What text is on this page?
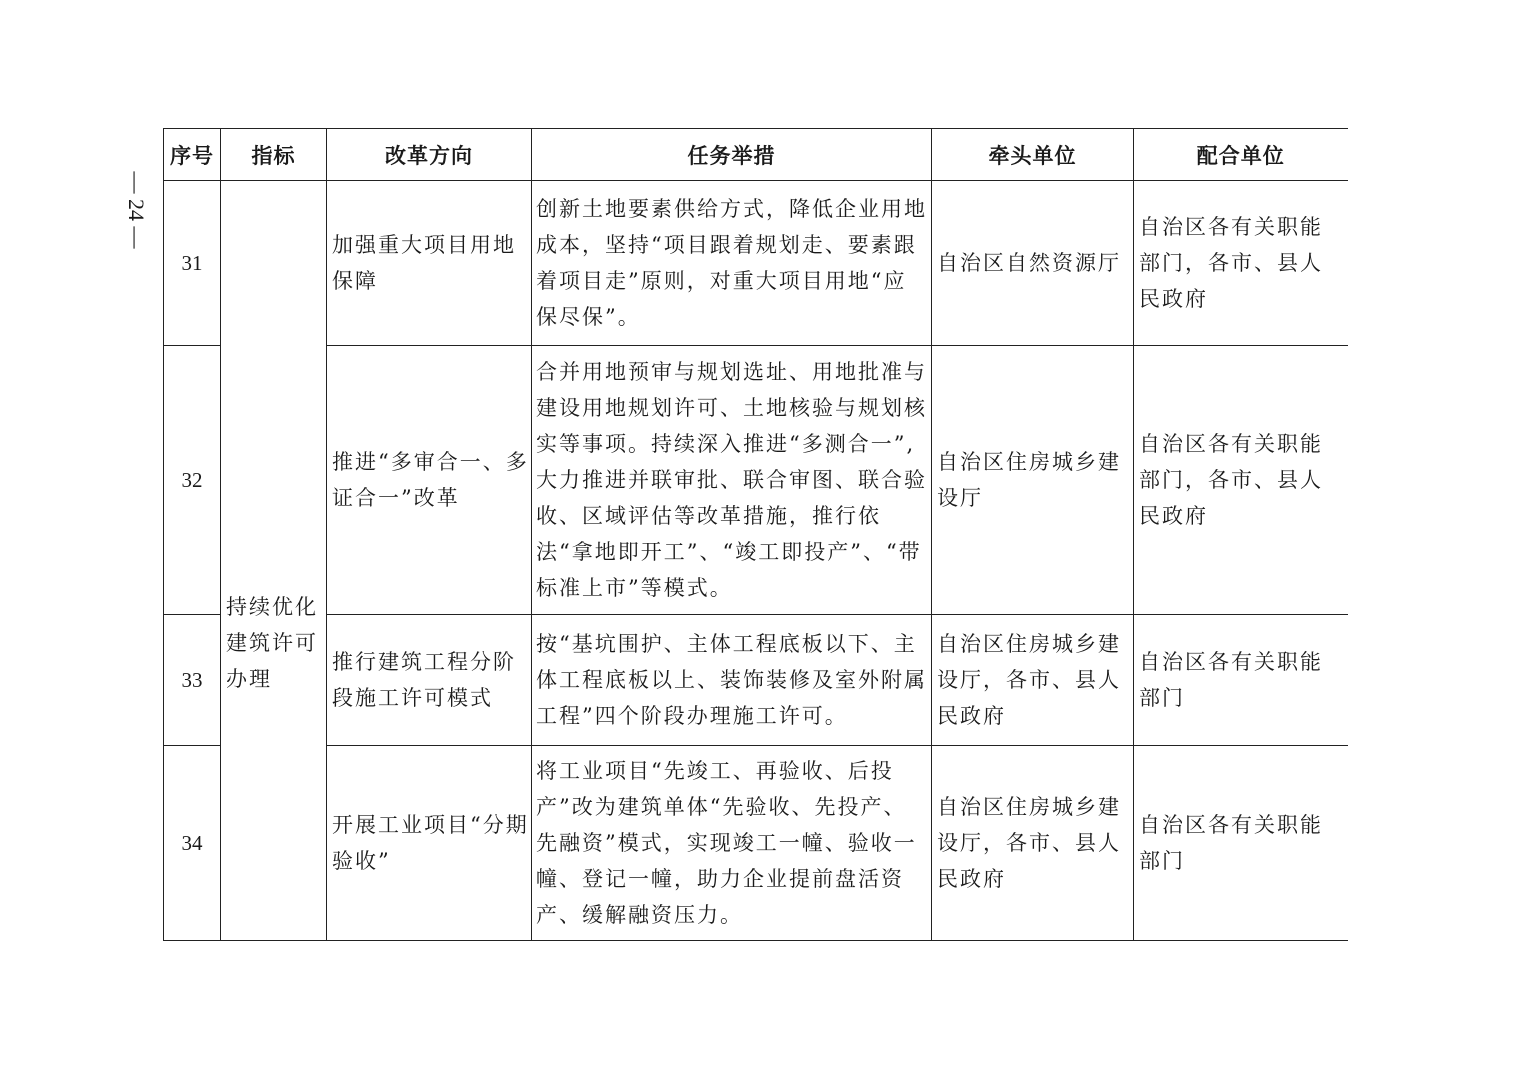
— 24 —
序号	指标	改革方向	任务举措	牵头单位	配合单位
31		加强重大项目用地保障	创新土地要素供给方式，降低企业用地成本，坚持“项目跟着规划走、要素跟着项目走”原则，对重大项目用地“应保尽保”。	自治区自然资源厅	自治区各有关职能部门，各市、县人民政府
32	持续优化建筑许可办理	推进“多审合一、多证合一”改革	合并用地预审与规划选址、用地批准与建设用地规划许可、土地核验与规划核实等事项。持续深入推进“多测合一”,大力推进并联审批、联合审图、联合验收、区域评估等改革措施，推行依法“拿地即开工”、“竣工即投产”、“带标准上市”等模式。	自治区住房城乡建设厅	自治区各有关职能部门，各市、县人民政府
33		推行建筑工程分阶段施工许可模式	按“基坑围护、主体工程底板以下、主体工程底板以上、装饰装修及室外附属工程”四个阶段办理施工许可。	自治区住房城乡建设厅，各市、县人民政府	自治区各有关职能部门
34		开展工业项目“分期验收”	将工业项目“先竣工、再验收、后投产”改为建筑单体“先验收、先投产、先融资”模式，实现竣工一幢、验收一幢、登记一幢，助力企业提前盘活资产、缓解融资压力。	自治区住房城乡建设厅，各市、县人民政府	自治区各有关职能部门
